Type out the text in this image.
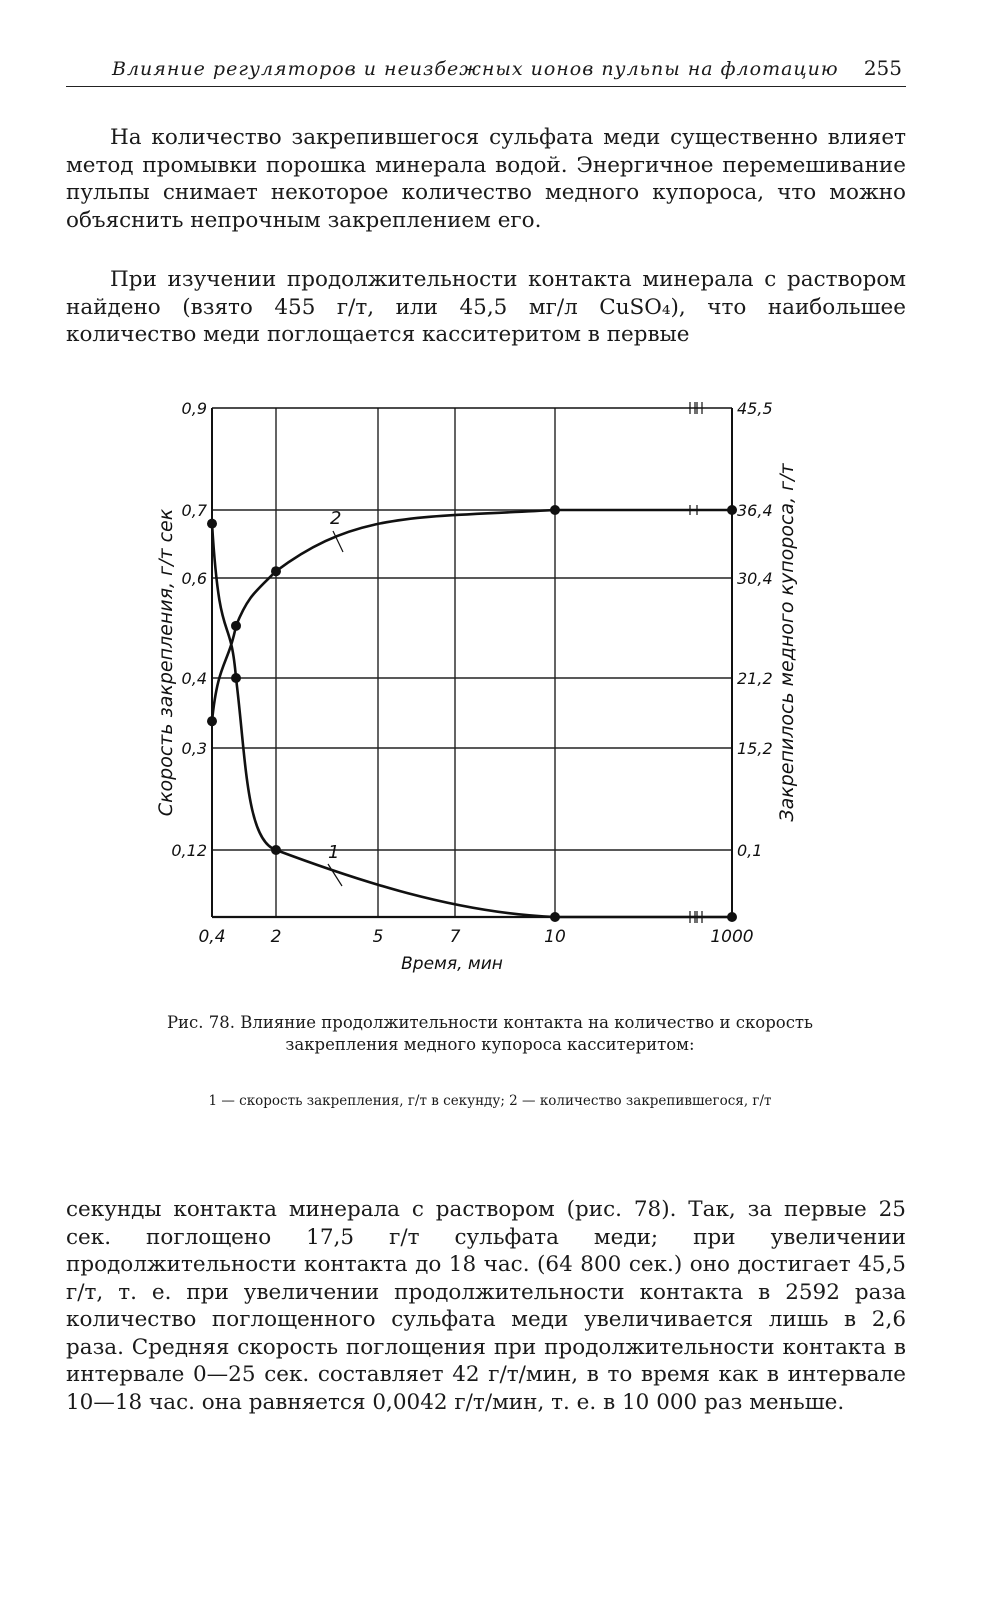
Влияние регуляторов и неизбежных ионов пульпы на флотацию 255

На количество закрепившегося сульфата меди существенно влияет метод промывки порошка минерала водой. Энергичное перемешивание пульпы снимает некоторое количество медного купороса, что можно объяснить непрочным закреплением его.

При изучении продолжительности контакта минерала с раствором найдено (взято 455 г/т, или 45,5 мг/л CuSO₄), что наибольшее количество меди поглощается касситеритом в первые

0,4	2	5	7	10	1000
0,9
0,7
0,6
0,4
0,3
0,12
45,5
36,4
30,4
21,2
15,2
0,1
Время, мин
Скорость закрепления, г/т сек	Закрепилось медного купороса, г/т
2
1

Рис. 78. Влияние продолжительности контакта на количество и скорость закрепления медного купороса касситеритом:

1 — скорость закрепления, г/т в секунду; 2 — количество закрепившегося, г/т

секунды контакта минерала с раствором (рис. 78). Так, за первые 25 сек. поглощено 17,5 г/т сульфата меди; при увеличении продолжительности контакта до 18 час. (64 800 сек.) оно достигает 45,5 г/т, т. е. при увеличении продолжительности контакта в 2592 раза количество поглощенного сульфата меди увеличивается лишь в 2,6 раза. Средняя скорость поглощения при продолжительности контакта в интервале 0—25 сек. составляет 42 г/т/мин, в то время как в интервале 10—18 час. она равняется 0,0042 г/т/мин, т. е. в 10 000 раз меньше.
